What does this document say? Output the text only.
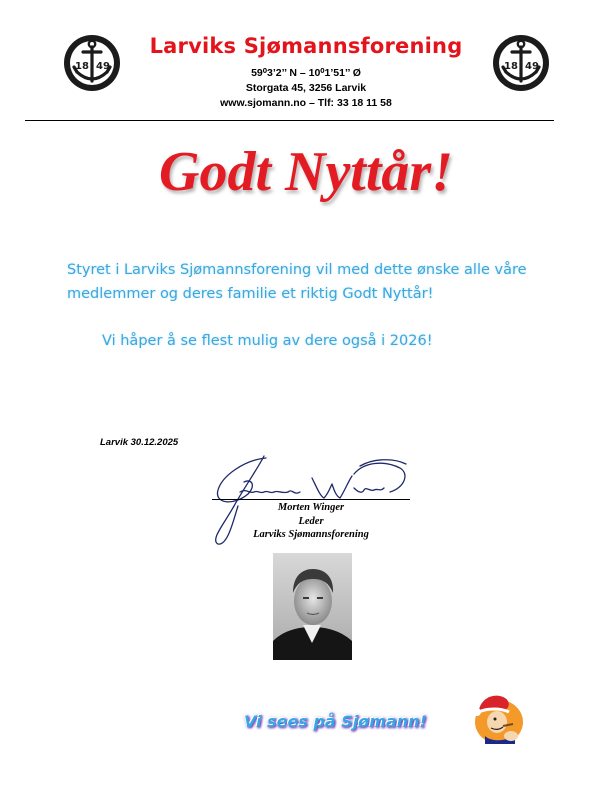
18 49	18 49
Larviks Sjømannsforening
59⁰3’2’’ N – 10⁰1’51’’ Ø
Storgata 45, 3256 Larvik
www.sjomann.no – Tlf: 33 18 11 58
Godt Nyttår!
Styret i Larviks Sjømannsforening vil med dette ønske alle våre
medlemmer og deres familie et riktig Godt Nyttår!
Vi håper å se flest mulig av dere også i 2026!
Larvik 30.12.2025
Morten Winger
Leder
Larviks Sjømannsforening
Vi sees på Sjømann!
